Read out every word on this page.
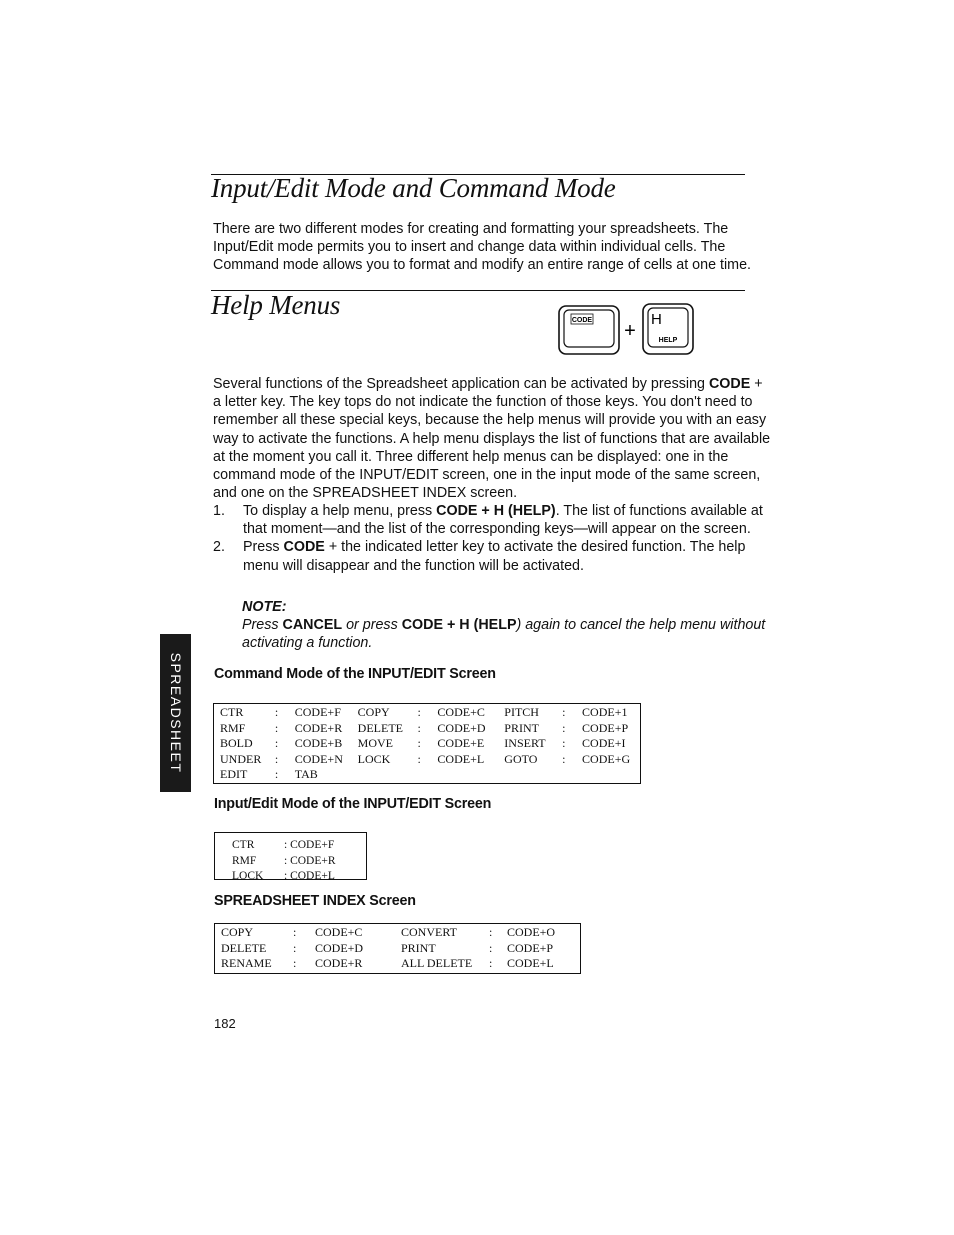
Input/Edit Mode and Command Mode

There are two different modes for creating and formatting your spreadsheets. The Input/Edit mode permits you to insert and change data within individual cells. The Command mode allows you to format and modify an entire range of cells at one time.

Help Menus
CODE +
H
HELP

Several functions of the Spreadsheet application can be activated by pressing CODE + a letter key. The key tops do not indicate the function of those keys. You don't need to remember all these special keys, because the help menus will provide you with an easy way to activate the functions. A help menu displays the list of functions that are available at the moment you call it. Three different help menus can be displayed: one in the command mode of the INPUT/EDIT screen, one in the input mode of the same screen, and one on the SPREADSHEET INDEX screen.

1. To display a help menu, press CODE + H (HELP). The list of functions available at that moment—and the list of the corresponding keys—will appear on the screen.
2. Press CODE + the indicated letter key to activate the desired function. The help menu will disappear and the function will be activated.
NOTE:
Press CANCEL or press CODE + H (HELP) again to cancel the help menu without activating a function.
SPREADSHEET Command Mode of the INPUT/EDIT Screen
CTR	:	CODE+F	COPY	:	CODE+C	PITCH	:	CODE+1
RMF	:	CODE+R	DELETE	:	CODE+D	PRINT	:	CODE+P
BOLD	:	CODE+B	MOVE	:	CODE+E	INSERT	:	CODE+I
UNDER	:	CODE+N	LOCK	:	CODE+L	GOTO	:	CODE+G
EDIT	:	TAB						
Input/Edit Mode of the INPUT/EDIT Screen
CTR	: CODE+F
RMF	: CODE+R
LOCK	: CODE+L
SPREADSHEET INDEX Screen
COPY	:	CODE+C	CONVERT	:	CODE+O
DELETE	:	CODE+D	PRINT	:	CODE+P
RENAME	:	CODE+R	ALL DELETE	:	CODE+L
182
